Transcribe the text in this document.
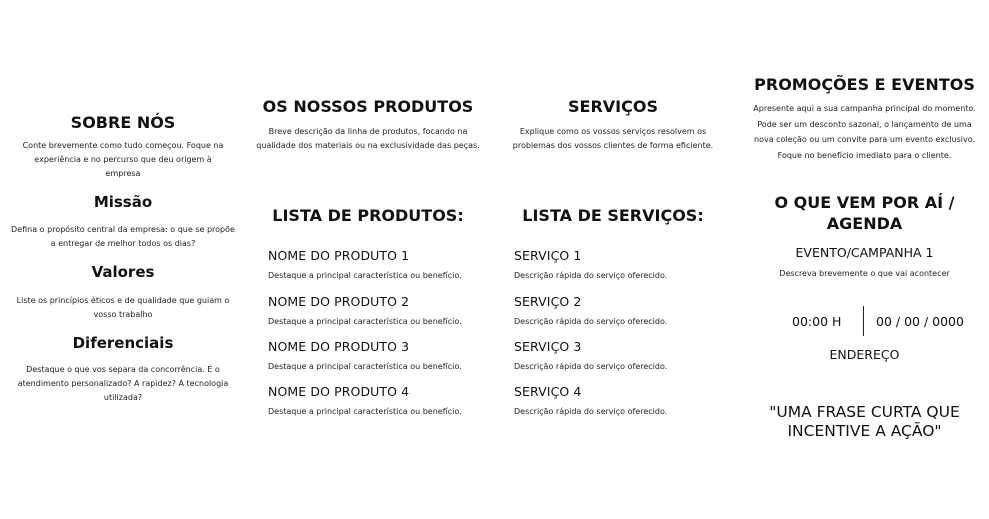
SOBRE NÓS
Conte brevemente como tudo começou. Foque na experiência e no percurso que deu origem à empresa
Missão
Defina o propósito central da empresa: o que se propõe a entregar de melhor todos os dias?
Valores
Liste os princípios éticos e de qualidade que guiam o vosso trabalho
Diferenciais
Destaque o que vos separa da concorrência. É o atendimento personalizado? A rapidez? A tecnologia utilizada?
OS NOSSOS PRODUTOS
Breve descrição da linha de produtos, focando na qualidade dos materiais ou na exclusividade das peças.
LISTA DE PRODUTOS:
NOME DO PRODUTO 1
Destaque a principal característica ou benefício.
NOME DO PRODUTO 2
Destaque a principal característica ou benefício.
NOME DO PRODUTO 3
Destaque a principal característica ou benefício.
NOME DO PRODUTO 4
Destaque a principal característica ou benefício.
SERVIÇOS
Explique como os vossos serviços resolvem os problemas dos vossos clientes de forma eficiente.
LISTA DE SERVIÇOS:
SERVIÇO 1
Descrição rápida do serviço oferecido.
SERVIÇO 2
Descrição rápida do serviço oferecido.
SERVIÇO 3
Descrição rápida do serviço oferecido.
SERVIÇO 4
Descrição rápida do serviço oferecido.
PROMOÇÕES E EVENTOS
Apresente aqui a sua campanha principal do momento. Pode ser um desconto sazonal, o lançamento de uma nova coleção ou um convite para um evento exclusivo. Foque no benefício imediato para o cliente.
O QUE VEM POR AÍ / AGENDA
EVENTO/CAMPANHA 1
Descreva brevemente o que vai acontecer
00:00 H	00 / 00 / 0000
ENDEREÇO
"UMA FRASE CURTA QUE INCENTIVE A AÇÃO"
